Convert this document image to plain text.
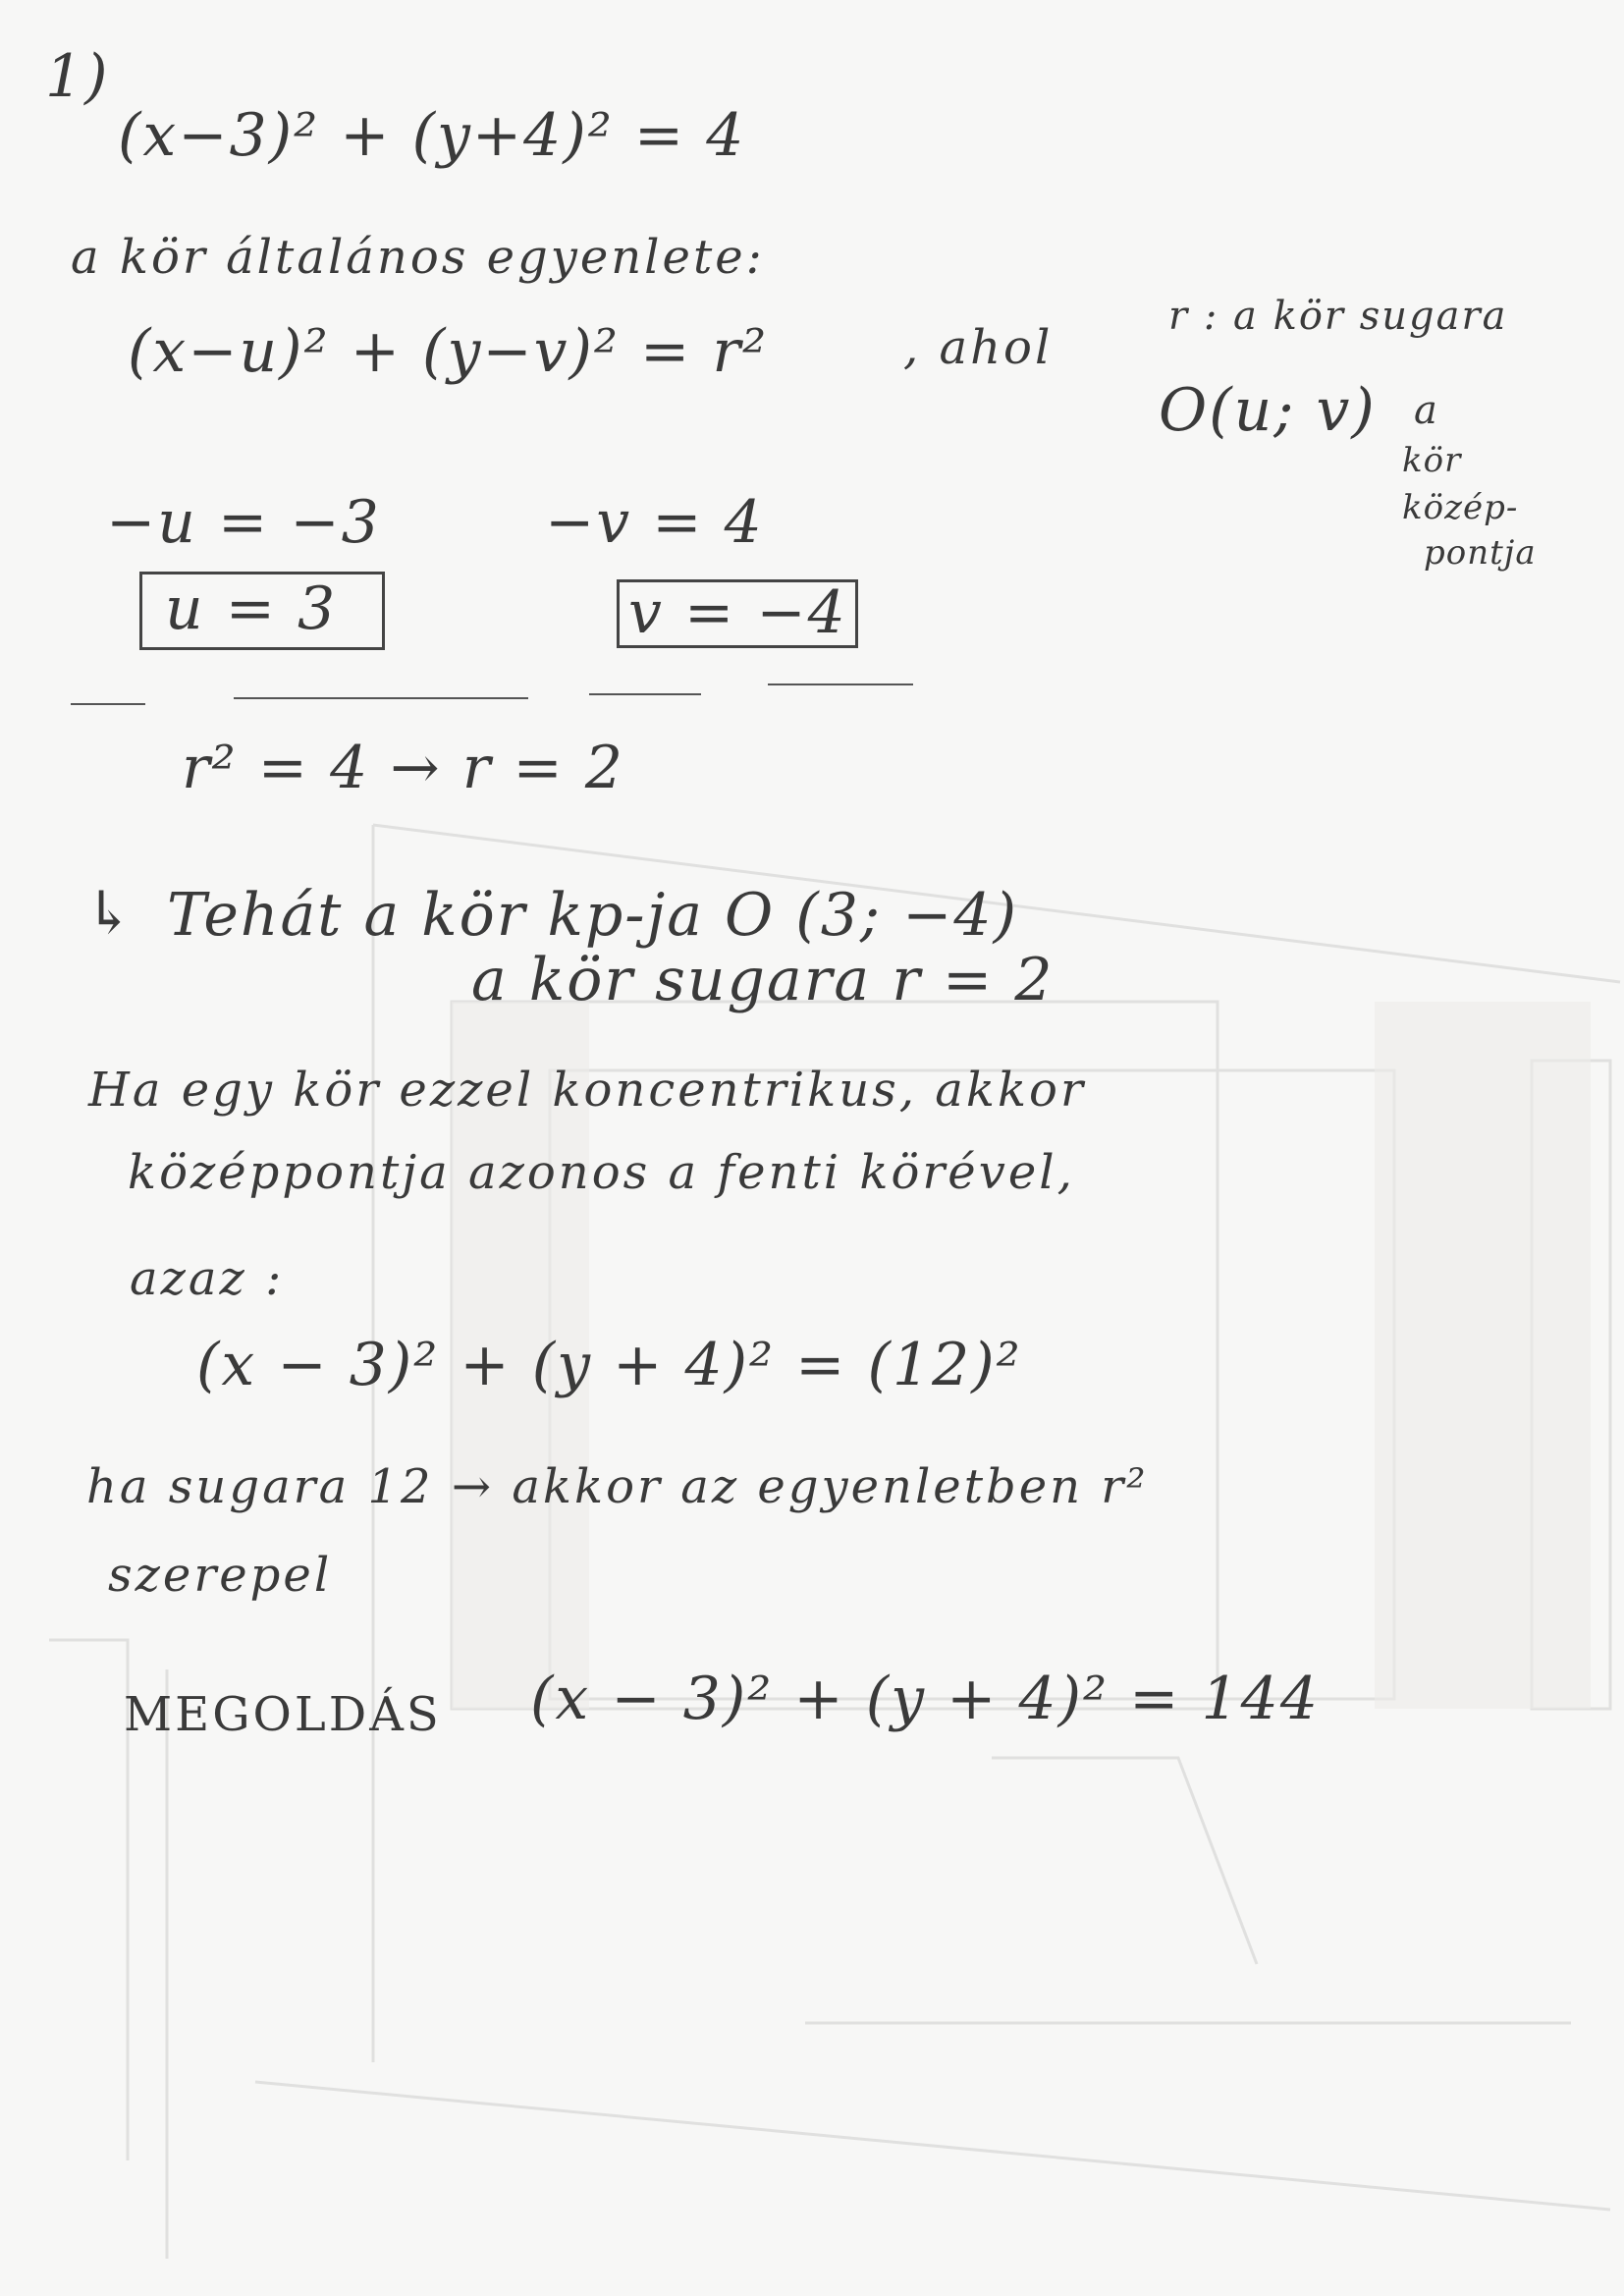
1)
(x−3)² + (y+4)² = 4
a kör általános egyenlete:
(x−u)² + (y−v)² = r²	, ahol
r : a kör sugara
O(u; v) a
kör
közép-
pontja
−u = −3	−v = 4
u = 3	v = −4
r² = 4 → r = 2
↳ Tehát a kör kp-ja O (3; −4)
a kör sugara r = 2
Ha egy kör ezzel koncentrikus, akkor
középpontja azonos a fenti körével,
azaz :
(x − 3)² + (y + 4)² = (12)²
ha sugara 12 → akkor az egyenletben r²
szerepel
MEGOLDÁS (x − 3)² + (y + 4)² = 144
